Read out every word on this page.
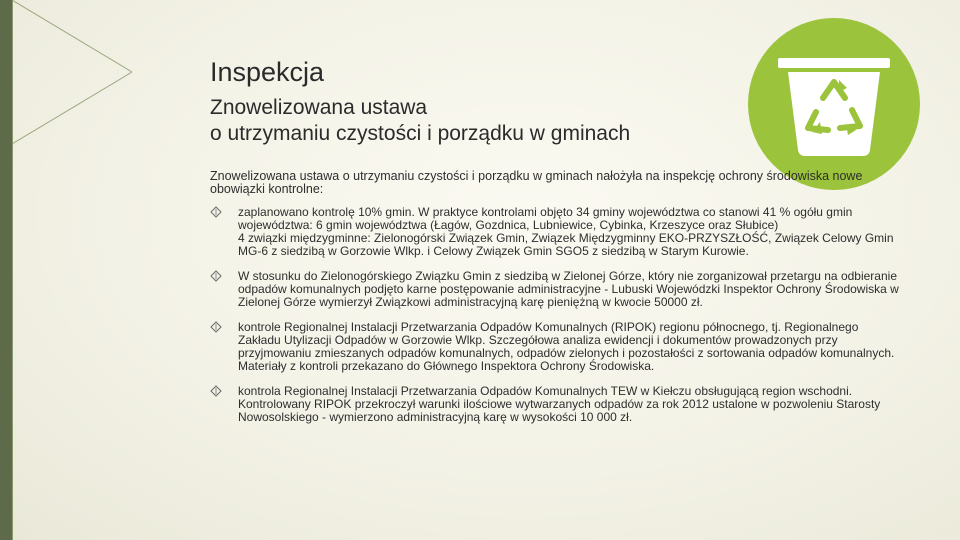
Inspekcja
Znowelizowana ustawa
o utrzymaniu czystości i porządku w gminach

Znowelizowana ustawa o utrzymaniu czystości i porządku w gminach nałożyła na inspekcję ochrony środowiska nowe obowiązki kontrolne:

zaplanowano kontrolę 10% gmin. W praktyce kontrolami objęto 34 gminy województwa co stanowi 41 % ogółu gmin województwa: 6 gmin województwa (Łagów, Gozdnica, Lubniewice, Cybinka, Krzeszyce oraz Słubice)
4 związki międzygminne: Zielonogórski Związek Gmin, Związek Międzygminny EKO-PRZYSZŁOŚĆ, Związek Celowy Gmin MG-6 z siedzibą w Gorzowie Wlkp. i Celowy Związek Gmin SGO5 z siedzibą w Starym Kurowie.
W stosunku do Zielonogórskiego Związku Gmin z siedzibą w Zielonej Górze, który nie zorganizował przetargu na odbieranie odpadów komunalnych podjęto karne postępowanie administracyjne - Lubuski Wojewódzki Inspektor Ochrony Środowiska w Zielonej Górze wymierzył Związkowi administracyjną karę pieniężną w kwocie 50000 zł.
kontrole Regionalnej Instalacji Przetwarzania Odpadów Komunalnych (RIPOK) regionu północnego, tj. Regionalnego Zakładu Utylizacji Odpadów w Gorzowie Wlkp. Szczegółowa analiza ewidencji i dokumentów prowadzonych przy przyjmowaniu zmieszanych odpadów komunalnych, odpadów zielonych i pozostałości z sortowania odpadów komunalnych. Materiały z kontroli przekazano do Głównego Inspektora Ochrony Środowiska.
kontrola Regionalnej Instalacji Przetwarzania Odpadów Komunalnych TEW w Kiełczu obsługującą region wschodni. Kontrolowany RIPOK przekroczył warunki ilościowe wytwarzanych odpadów za rok 2012 ustalone w pozwoleniu Starosty Nowosolskiego - wymierzono administracyjną karę w wysokości 10 000 zł.
